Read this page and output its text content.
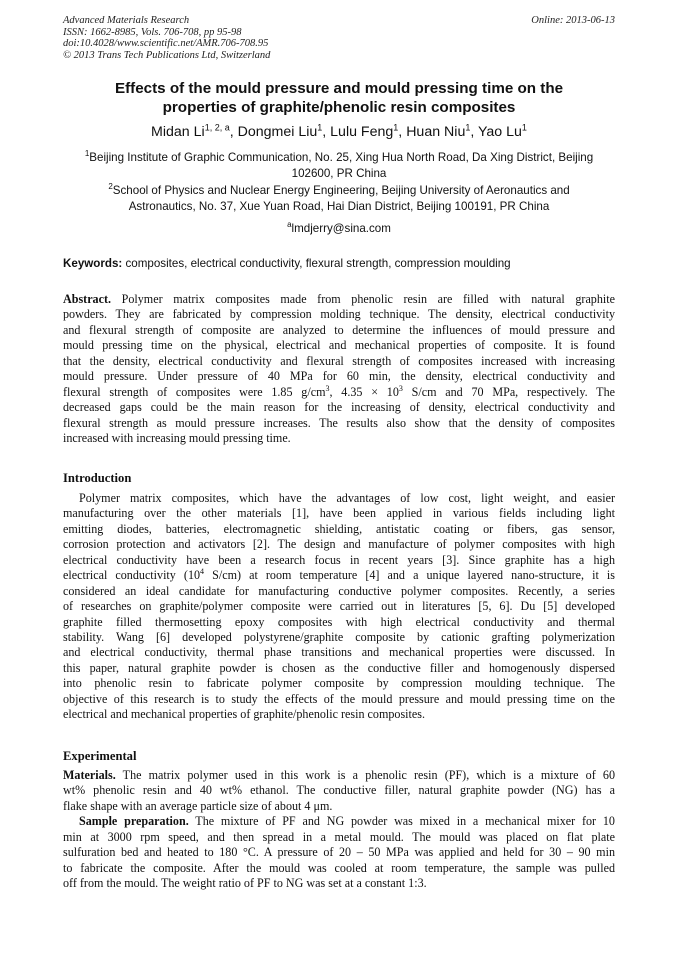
Advanced Materials Research
ISSN: 1662-8985, Vols. 706-708, pp 95-98
doi:10.4028/www.scientific.net/AMR.706-708.95
© 2013 Trans Tech Publications Ltd, Switzerland
Online: 2013-06-13
Effects of the mould pressure and mould pressing time on the
properties of graphite/phenolic resin composites
Midan Li$^{1, 2, a}$, Dongmei Liu$^1$, Lulu Feng$^1$, Huan Niu$^1$, Yao Lu$^1$
$^1$Beijing Institute of Graphic Communication, No. 25, Xing Hua North Road, Da Xing District, Beijing
102600, PR China
$^2$School of Physics and Nuclear Energy Engineering, Beijing University of Aeronautics and
Astronautics, No. 37, Xue Yuan Road, Hai Dian District, Beijing 100191, PR China
$^a$lmdjerry@sina.com
Keywords: composites, electrical conductivity, flexural strength, compression moulding
Abstract. Polymer matrix composites made from phenolic resin are filled with natural graphite
powders. They are fabricated by compression molding technique. The density, electrical conductivity
and flexural strength of composite are analyzed to determine the influences of mould pressure and
mould pressing time on the physical, electrical and mechanical properties of composite. It is found
that the density, electrical conductivity and flexural strength of composites increased with increasing
mould pressure. Under pressure of 40 MPa for 60 min, the density, electrical conductivity and
flexural strength of composites were 1.85 $g/cm^3$, $4.35 \times 10^3$ S/cm and 70 MPa, respectively. The
decreased gaps could be the main reason for the increasing of density, electrical conductivity and
flexural strength as mould pressure increases. The results also show that the density of composites
increased with increasing mould pressing time.
Introduction
Polymer matrix composites, which have the advantages of low cost, light weight, and easier
manufacturing over the other materials [1], have been applied in various fields including light
emitting diodes, batteries, electromagnetic shielding, antistatic coating or fibers, gas sensor,
corrosion protection and activators [2]. The design and manufacture of polymer composites with high
electrical conductivity have been a research focus in recent years [3]. Since graphite has a high
electrical conductivity ($10^4$ S/cm) at room temperature [4] and a unique layered nano-structure, it is
considered an ideal candidate for manufacturing conductive polymer composites. Recently, a series
of researches on graphite/polymer composite were carried out in literatures [5, 6]. Du [5] developed
graphite filled thermosetting epoxy composites with high electrical conductivity and thermal
stability. Wang [6] developed polystyrene/graphite composite by cationic grafting polymerization
and electrical conductivity, thermal phase transitions and mechanical properties were discussed. In
this paper, natural graphite powder is chosen as the conductive filler and homogenously dispersed
into phenolic resin to fabricate polymer composite by compression moulding technique. The
objective of this research is to study the effects of the mould pressure and mould pressing time on the
electrical and mechanical properties of graphite/phenolic resin composites.
Experimental
Materials. The matrix polymer used in this work is a phenolic resin (PF), which is a mixture of 60
wt% phenolic resin and 40 wt% ethanol. The conductive filler, natural graphite powder (NG) has a
flake shape with an average particle size of about 4 μm.
Sample preparation. The mixture of PF and NG powder was mixed in a mechanical mixer for 10
min at 3000 rpm speed, and then spread in a metal mould. The mould was placed on flat plate
sulfuration bed and heated to 180 °C. A pressure of 20 – 50 MPa was applied and held for 30 – 90 min
to fabricate the composite. After the mould was cooled at room temperature, the sample was pulled
off from the mould. The weight ratio of PF to NG was set at a constant 1:3.
